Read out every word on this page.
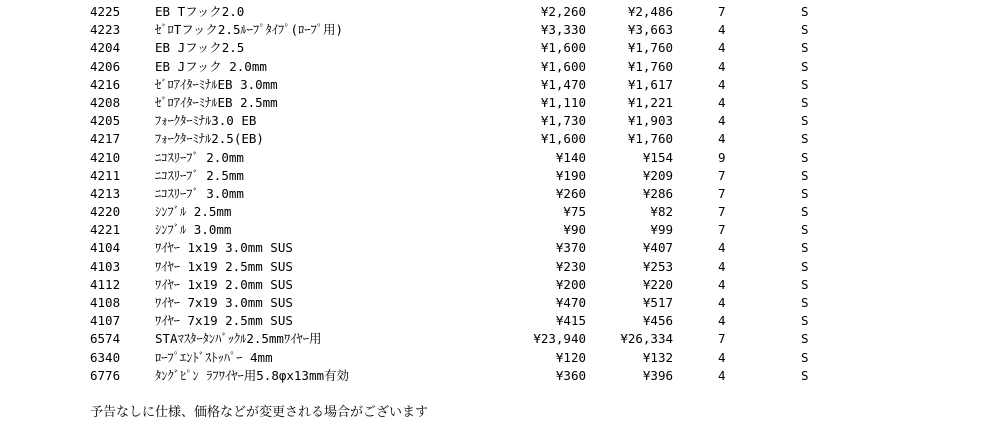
4225	EB Tフック2.0	¥2,260	¥2,486	7	S
4223	ｾﾞﾛTフック2.5ﾙｰﾌﾟﾀｲﾌﾟ(ﾛｰﾌﾟ用)	¥3,330	¥3,663	4	S
4204	EB Jフック2.5	¥1,600	¥1,760	4	S
4206	EB Jフック 2.0mm	¥1,600	¥1,760	4	S
4216	ｾﾞﾛｱｲﾀｰﾐﾅﾙEB 3.0mm	¥1,470	¥1,617	4	S
4208	ｾﾞﾛｱｲﾀｰﾐﾅﾙEB 2.5mm	¥1,110	¥1,221	4	S
4205	ﾌｫｰｸﾀｰﾐﾅﾙ3.0 EB	¥1,730	¥1,903	4	S
4217	ﾌｫｰｸﾀｰﾐﾅﾙ2.5(EB)	¥1,600	¥1,760	4	S
4210	ﾆｺｽﾘｰﾌﾞ 2.0mm	¥140	¥154	9	S
4211	ﾆｺｽﾘｰﾌﾞ 2.5mm	¥190	¥209	7	S
4213	ﾆｺｽﾘｰﾌﾞ 3.0mm	¥260	¥286	7	S
4220	ｼﾝﾌﾞﾙ 2.5mm	¥75	¥82	7	S
4221	ｼﾝﾌﾞﾙ 3.0mm	¥90	¥99	7	S
4104	ﾜｲﾔｰ 1x19 3.0mm SUS	¥370	¥407	4	S
4103	ﾜｲﾔｰ 1x19 2.5mm SUS	¥230	¥253	4	S
4112	ﾜｲﾔｰ 1x19 2.0mm SUS	¥200	¥220	4	S
4108	ﾜｲﾔｰ 7x19 3.0mm SUS	¥470	¥517	4	S
4107	ﾜｲﾔｰ 7x19 2.5mm SUS	¥415	¥456	4	S
6574	STAﾏｽﾀｰﾀﾝﾊﾞｯｸﾙ2.5mmﾜｲﾔｰ用	¥23,940	¥26,334	7	S
6340	ﾛｰﾌﾟｴﾝﾄﾞｽﾄｯﾊﾟｰ 4mm	¥120	¥132	4	S
6776	ﾀﾝｸﾞﾋﾟﾝ ﾗﾌﾜｲﾔｰ用5.8φx13mm有効	¥360	¥396	4	S
予告なしに仕様、価格などが変更される場合がございます
